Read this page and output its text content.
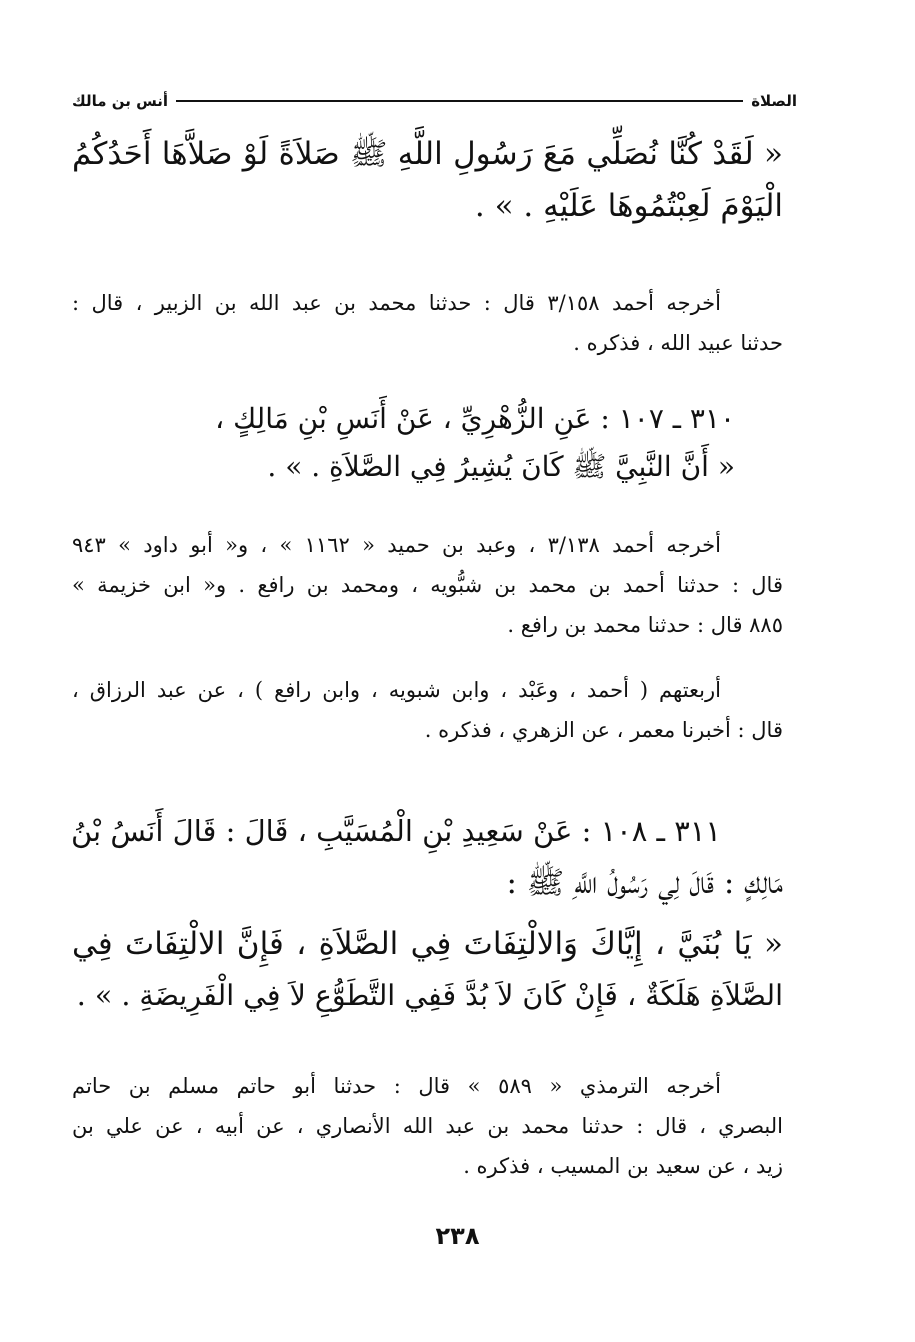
الصلاة
أنس بن مالك
« لَقَدْ كُنَّا نُصَلِّي مَعَ رَسُولِ اللَّهِ ﷺ صَلاَةً لَوْ صَلاَّهَا أَحَدُكُمُ
الْيَوْمَ لَعِبْتُمُوهَا عَلَيْهِ . » .
أخرجه أحمد ٣/١٥٨ قال : حدثنا محمد بن عبد الله بن الزبير ، قال :
حدثنا عبيد الله ، فذكره .
٣١٠ ـ ١٠٧ : عَنِ الزُّهْرِيِّ ، عَنْ أَنَسِ بْنِ مَالِكٍ ،
« أَنَّ النَّبِيَّ ﷺ كَانَ يُشِيرُ فِي الصَّلاَةِ . » .
أخرجه أحمد ٣/١٣٨ ، وعبد بن حميد « ١١٦٢ » ، و« أبو داود » ٩٤٣
قال : حدثنا أحمد بن محمد بن شبُّويه ، ومحمد بن رافع . و« ابن خزيمة »
٨٨٥ قال : حدثنا محمد بن رافع .
أربعتهم ( أحمد ، وعَبْد ، وابن شبويه ، وابن رافع ) ، عن عبد الرزاق ،
قال : أخبرنا معمر ، عن الزهري ، فذكره .
٣١١ ـ ١٠٨ : عَنْ سَعِيدِ بْنِ الْمُسَيَّبِ ، قَالَ : قَالَ أَنَسُ بْنُ
مَالِكٍ : قَالَ لِي رَسُولُ اللَّهِ ﷺ :
« يَا بُنَيَّ ، إِيَّاكَ وَالالْتِفَاتَ فِي الصَّلاَةِ ، فَإِنَّ الالْتِفَاتَ فِي
الصَّلاَةِ هَلَكَةٌ ، فَإِنْ كَانَ لاَ بُدَّ فَفِي التَّطَوُّعِ لاَ فِي الْفَرِيضَةِ . » .
أخرجه الترمذي « ٥٨٩ » قال : حدثنا أبو حاتم مسلم بن حاتم
البصري ، قال : حدثنا محمد بن عبد الله الأنصاري ، عن أبيه ، عن علي بن
زيد ، عن سعيد بن المسيب ، فذكره .
٢٣٨
